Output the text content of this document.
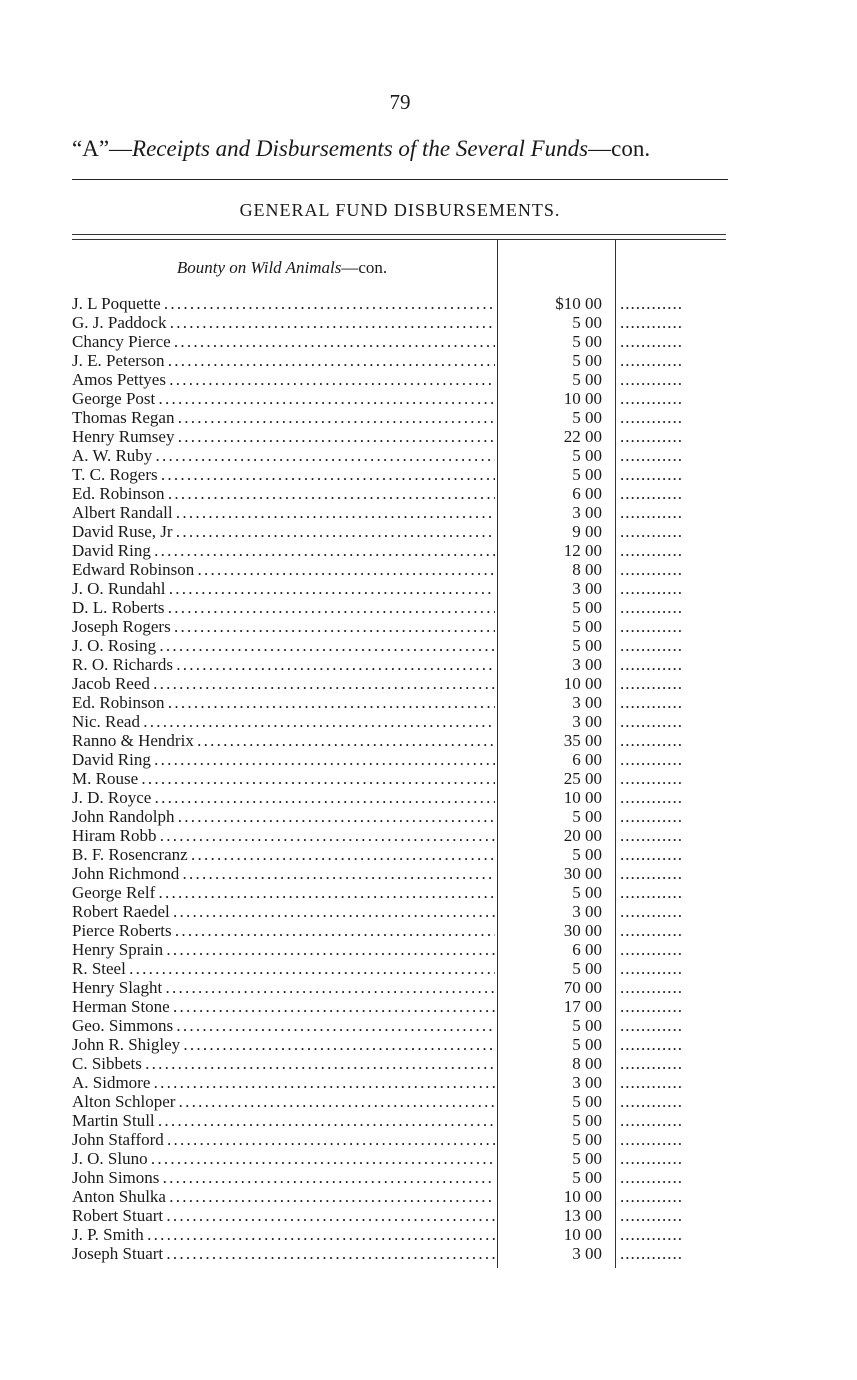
79
“A”—Receipts and Disbursements of the Several Funds—con.
GENERAL FUND DISBURSEMENTS.
Bounty on Wild Animals—con.
J. L Poquette . . .	$10 00 ............
G. J. Paddock . . .	5 00 ............
Chancy Pierce . . .	5 00 ............
J. E. Peterson . . .	5 00 ............
Amos Pettyes . . .	5 00 ............
George Post . . .	10 00 ............
Thomas Regan . . .	5 00 ............
Henry Rumsey . . .	22 00 ............
A. W. Ruby . . .	5 00 ............
T. C. Rogers . . .	5 00 ............
Ed. Robinson . . .	6 00 ............
Albert Randall . . .	3 00 ............
David Ruse, Jr . . .	9 00 ............
David Ring . . .	12 00 ............
Edward Robinson . . .	8 00 ............
J. O. Rundahl . . .	3 00 ............
D. L. Roberts . . .	5 00 ............
Joseph Rogers . . .	5 00 ............
J. O. Rosing . . .	5 00 ............
R. O. Richards . . .	3 00 ............
Jacob Reed . . .	10 00 ............
Ed. Robinson . . .	3 00 ............
Nic. Read . . .	3 00 ............
Ranno & Hendrix . . .	35 00 ............
David Ring . . .	6 00 ............
M. Rouse . . .	25 00 ............
J. D. Royce . . .	10 00 ............
John Randolph . . .	5 00 ............
Hiram Robb . . .	20 00 ............
B. F. Rosencranz . . .	5 00 ............
John Richmond . . .	30 00 ............
George Relf . . .	5 00 ............
Robert Raedel . . .	3 00 ............
Pierce Roberts . . .	30 00 ............
Henry Sprain . . .	6 00 ............
R. Steel . . .	5 00 ............
Henry Slaght . . .	70 00 ............
Herman Stone . . .	17 00 ............
Geo. Simmons . . .	5 00 ............
John R. Shigley . . .	5 00 ............
C. Sibbets . . .	8 00 ............
A. Sidmore . . .	3 00 ............
Alton Schloper . . .	5 00 ............
Martin Stull . . .	5 00 ............
John Stafford . . .	5 00 ............
J. O. Sluno . . .	5 00 ............
John Simons . . .	5 00 ............
Anton Shulka . . .	10 00 ............
Robert Stuart . . .	13 00 ............
J. P. Smith . . .	10 00 ............
Joseph Stuart . . .	3 00 ............
